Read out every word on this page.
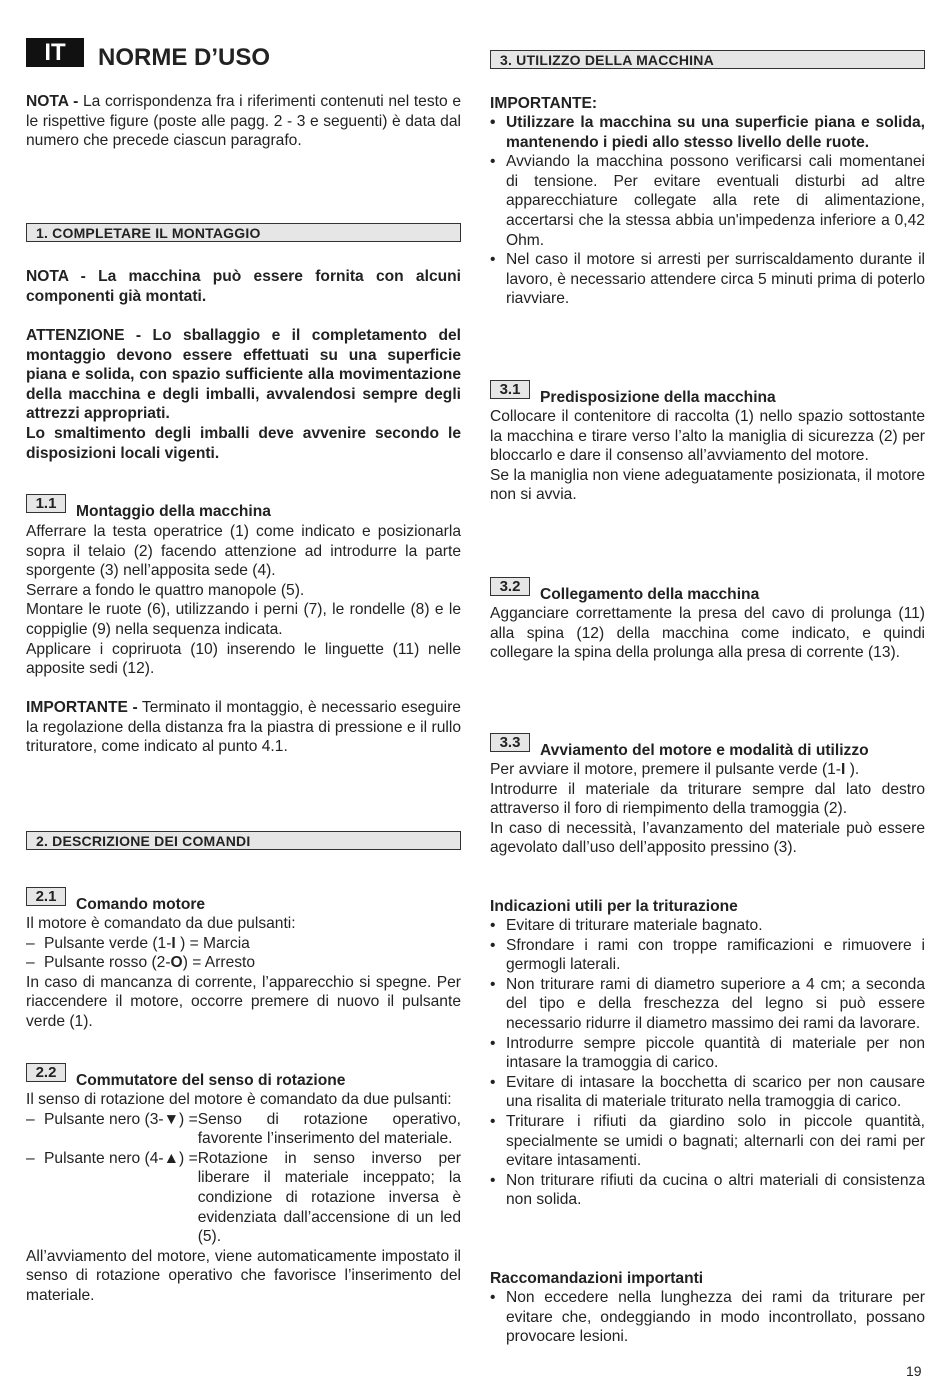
IT	NORME D’USO
NOTA - La corrispondenza fra i riferimenti contenuti nel testo e le rispettive figure (poste alle pagg. 2 - 3 e seguenti) è data dal numero che precede ciascun paragrafo.
1. COMPLETARE IL MONTAGGIO

NOTA - La macchina può essere fornita con alcuni componenti già montati.

ATTENZIONE - Lo sballaggio e il completamento del montaggio devono essere effettuati su una superficie piana e solida, con spazio sufficiente alla movimentazione della macchina e degli imballi, avvalendosi sempre degli attrezzi appropriati.

Lo smaltimento degli imballi deve avvenire secondo le disposizioni locali vigenti.

1.1 Montaggio della macchina

Afferrare la testa operatrice (1) come indicato e posizionarla sopra il telaio (2) facendo attenzione ad introdurre la parte sporgente (3) nell’apposita sede (4).

Serrare a fondo le quattro manopole (5).

Montare le ruote (6), utilizzando i perni (7), le rondelle (8) e le coppiglie (9) nella sequenza indicata.

Applicare i copriruota (10) inserendo le linguette (11) nelle apposite sedi (12).

IMPORTANTE - Terminato il montaggio, è necessario eseguire la regolazione della distanza fra la piastra di pressione e il rullo trituratore, come indicato al punto 4.1.
2. DESCRIZIONE DEI COMANDI
2.1 Comando motore

Il motore è comandato da due pulsanti:

– Pulsante verde (1-I ) = Marcia

– Pulsante rosso (2-O) = Arresto

In caso di mancanza di corrente, l’apparecchio si spegne. Per riaccendere il motore, occorre premere di nuovo il pulsante verde (1).

2.2 Commutatore del senso di rotazione

Il senso di rotazione del motore è comandato da due pulsanti:

– Pulsante nero (3-▼) = Senso di rotazione operativo, favorente l’inserimento del materiale.
– Pulsante nero (4-▲) = Rotazione in senso inverso per liberare il materiale inceppato; la condizione di rotazione inversa è evidenziata dall’accensione di un led (5).

All’avviamento del motore, viene automaticamente impostato il senso di rotazione operativo che favorisce l’inserimento del materiale.

3. UTILIZZO DELLA MACCHINA

IMPORTANTE:

• Utilizzare la macchina su una superficie piana e solida, mantenendo i piedi allo stesso livello delle ruote.
• Avviando la macchina possono verificarsi cali momentanei di tensione. Per evitare eventuali disturbi ad altre apparecchiature collegate alla rete di alimentazione, accertarsi che la stessa abbia un'impedenza inferiore a 0,42 Ohm.
• Nel caso il motore si arresti per surriscaldamento durante il lavoro, è necessario attendere circa 5 minuti prima di poterlo riavviare.
3.1 Predisposizione della macchina

Collocare il contenitore di raccolta (1) nello spazio sottostante la macchina e tirare verso l’alto la maniglia di sicurezza (2) per bloccarlo e dare il consenso all’avviamento del motore.

Se la maniglia non viene adeguatamente posizionata, il motore non si avvia.

3.2 Collegamento della macchina

Agganciare correttamente la presa del cavo di prolunga (11) alla spina (12) della macchina come indicato, e quindi collegare la spina della prolunga alla presa di corrente (13).

3.3 Avviamento del motore e modalità di utilizzo

Per avviare il motore, premere il pulsante verde (1-I ).

Introdurre il materiale da triturare sempre dal lato destro attraverso il foro di riempimento della tramoggia (2).

In caso di necessità, l’avanzamento del materiale può essere agevolato dall’uso dell’apposito pressino (3).

Indicazioni utili per la triturazione

• Evitare di triturare materiale bagnato.
• Sfrondare i rami con troppe ramificazioni e rimuovere i germogli laterali.
• Non triturare rami di diametro superiore a 4 cm; a seconda del tipo e della freschezza del legno si può essere necessario ridurre il diametro massimo dei rami da lavorare.
• Introdurre sempre piccole quantità di materiale per non intasare la tramoggia di carico.
• Evitare di intasare la bocchetta di scarico per non causare una risalita di materiale triturato nella tramoggia di carico.
• Triturare i rifiuti da giardino solo in piccole quantità, specialmente se umidi o bagnati; alternarli con dei rami per evitare intasamenti.
• Non triturare rifiuti da cucina o altri materiali di consistenza non solida.

Raccomandazioni importanti

• Non eccedere nella lunghezza dei rami da triturare per evitare che, ondeggiando in modo incontrollato, possano provocare lesioni.
19
